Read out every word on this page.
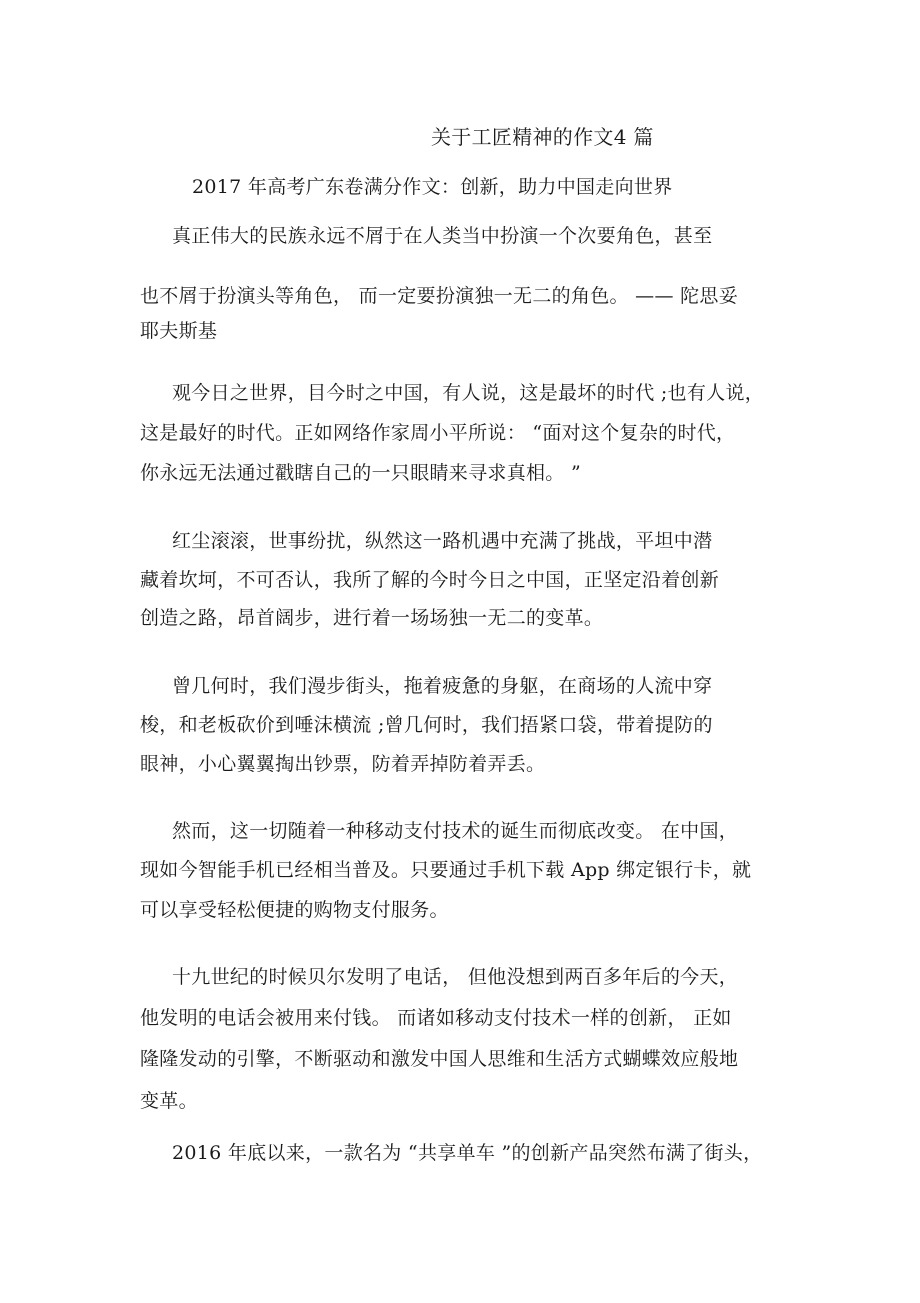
关于工匠精神的作文4 篇
2017 年高考广东卷满分作文：创新，助力中国走向世界
真正伟大的民族永远不屑于在人类当中扮演一个次要角色，甚至
也不屑于扮演头等角色， 而一定要扮演独一无二的角色。 —— 陀思妥
耶夫斯基
观今日之世界，目今时之中国，有人说，这是最坏的时代 ;也有人说，
这是最好的时代。正如网络作家周小平所说： “面对这个复杂的时代，
你永远无法通过戳瞎自己的一只眼睛来寻求真相。 ”
红尘滚滚，世事纷扰，纵然这一路机遇中充满了挑战，平坦中潜
藏着坎坷，不可否认，我所了解的今时今日之中国，正坚定沿着创新
创造之路，昂首阔步，进行着一场场独一无二的变革。
曾几何时，我们漫步街头，拖着疲惫的身躯，在商场的人流中穿
梭，和老板砍价到唾沫横流 ;曾几何时，我们捂紧口袋，带着提防的
眼神，小心翼翼掏出钞票，防着弄掉防着弄丢。
然而，这一切随着一种移动支付技术的诞生而彻底改变。 在中国，
现如今智能手机已经相当普及。只要通过手机下载 App 绑定银行卡，就
可以享受轻松便捷的购物支付服务。
十九世纪的时候贝尔发明了电话， 但他没想到两百多年后的今天，
他发明的电话会被用来付钱。 而诸如移动支付技术一样的创新， 正如
隆隆发动的引擎，不断驱动和激发中国人思维和生活方式蝴蝶效应般地
变革。
2016 年底以来，一款名为 “共享单车 ”的创新产品突然布满了街头，
